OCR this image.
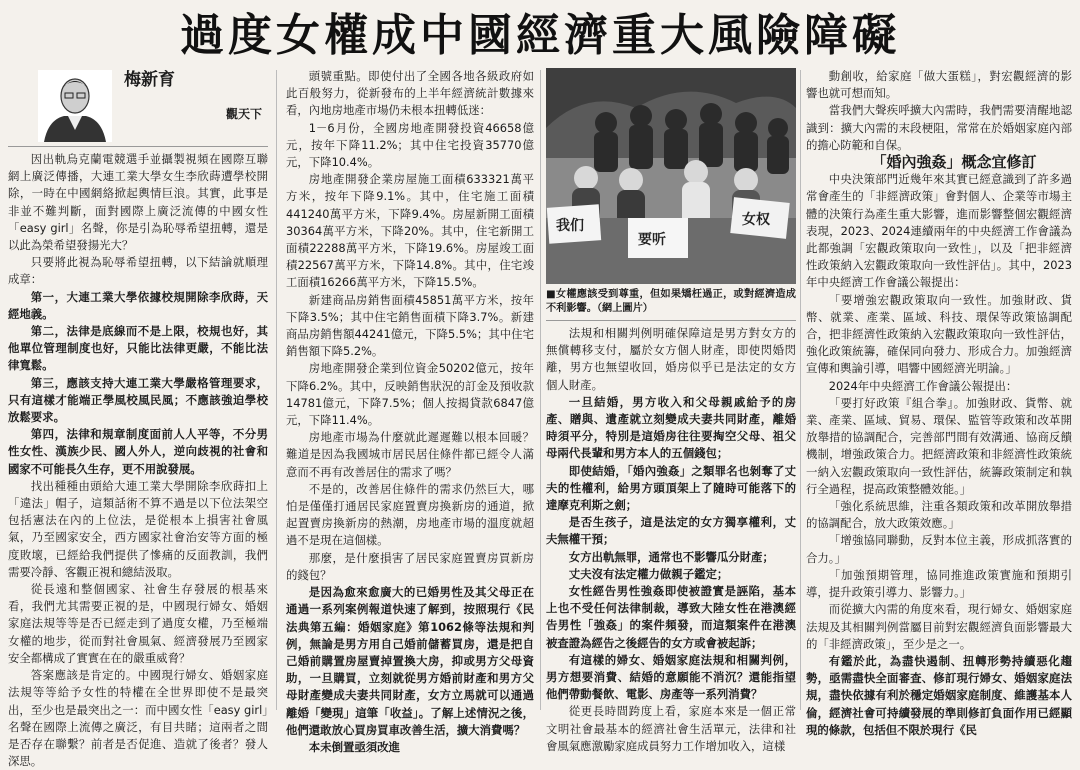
過度女權成中國經濟重大風險障礙
梅新育
觀天下

因出軌烏克蘭電競選手並攝製視頻在國際互聯網上廣泛傳播，大連工業大學女生李欣蒔遭學校開除，一時在中國網絡掀起輿情巨浪。其實，此事是非並不難判斷，面對國際上廣泛流傳的中國女性「easy girl」名聲，你是引為恥辱希望扭轉，還是以此為榮希望發揚光大？

只要將此視為恥辱希望扭轉，以下結論就順理成章：

第一，大連工業大學依據校規開除李欣蒔，天經地義。

第二，法律是底線而不是上限，校規也好，其他單位管理制度也好，只能比法律更嚴，不能比法律寬鬆。

第三，應該支持大連工業大學嚴格管理要求，只有這樣才能端正學風校風民風；不應該強迫學校放鬆要求。

第四，法律和規章制度面前人人平等，不分男性女性、漢族少民、國人外人，逆向歧視的社會和國家不可能長久生存，更不用說發展。

找出種種由頭給大連工業大學開除李欣蒔扣上「違法」帽子，這類話術不算不過是以下位法架空包括憲法在內的上位法，是從根本上損害社會風氣，乃至國家安全，西方國家社會治安等方面的極度敗壞，已經給我們提供了慘痛的反面教訓，我們需要冷靜、客觀正視和總結汲取。

從長遠和整個國家、社會生存發展的根基來看，我們尤其需要正視的是，中國現行婦女、婚姻家庭法規等等是否已經走到了過度女權，乃至極端女權的地步，從而對社會風氣、經濟發展乃至國家安全都構成了實實在在的嚴重威脅？

答案應該是肯定的。中國現行婦女、婚姻家庭法規等等給予女性的特權在全世界即使不是最突出，至少也是最突出之一：而中國女性「easy girl」名聲在國際上流傳之廣泛，有目共睹；這兩者之間是否存在聯繫？前者是否促進、造就了後者？發人深思。

頭號重點。即使付出了全國各地各級政府如此百般努力，從新發布的上半年經濟統計數據來看，內地房地產市場仍未根本扭轉低迷：

1－6月份，全國房地產開發投資46658億元，按年下降11.2%；其中住宅投資35770億元，下降10.4%。

房地產開發企業房屋施工面積633321萬平方米，按年下降9.1%。其中，住宅施工面積441240萬平方米，下降9.4%。房屋新開工面積30364萬平方米，下降20%。其中，住宅新開工面積22288萬平方米，下降19.6%。房屋竣工面積22567萬平方米，下降14.8%。其中，住宅竣工面積16266萬平方米，下降15.5%。

新建商品房銷售面積45851萬平方米，按年下降3.5%；其中住宅銷售面積下降3.7%。新建商品房銷售額44241億元，下降5.5%；其中住宅銷售額下降5.2%。

房地產開發企業到位資金50202億元，按年下降6.2%。其中，反映銷售狀況的訂金及預收款14781億元，下降7.5%；個人按揭貸款6847億元，下降11.4%。

房地產市場為什麼就此遲遲難以根本回暖？難道是因為我國城市居民居住條件都已經令人滿意而不再有改善居住的需求了嗎？

不是的，改善居住條件的需求仍然巨大，哪怕是僅僅打通居民家庭置賣房換新房的通道，掀起置賣房換新房的熱潮，房地產市場的溫度就超過不是現在這個樣。

那麼，是什麼損害了居民家庭置賣房買新房的錢包？

是因為愈來愈廣大的已婚男性及其父母正在通過一系列案例報道快速了解到，按照現行《民法典第五編：婚姻家庭》第1062條等法規和判例，無論是男方用自己婚前儲蓄買房，還是把自己婚前購置房屋賣掉置換大房，抑或男方父母資助，一旦購買，立刻就從男方婚前財產和男方父母財產變成夫妻共同財產，女方立馬就可以通過離婚「變現」這筆「收益」。了解上述情況之後，他們還敢放心買房買車改善生活，擴大消費嗎？

本未倒置亟須改進

我们
要听
女权

■女權應該受到尊重，但如果矯枉過正，或對經濟造成不利影響。（網上圖片）

法規和相關判例明確保障這是男方對女方的無償轉移支付，屬於女方個人財產，即使閃婚閃離，男方也無望收回，婚房似乎已是法定的女方個人財產。

一旦結婚，男方收入和父母親戚給予的房產、贈與、遺產就立刻變成夫妻共同財產，離婚時須平分，特別是這婚房往往要掏空父母、祖父母兩代長輩和男方本人的五個錢包；

即使結婚，「婚內強姦」之類罪名也剝奪了丈夫的性權利，給男方頭頂架上了隨時可能落下的達摩克利斯之劍；

是否生孩子，這是法定的女方獨享權利，丈夫無權干預；

女方出軌無罪，通常也不影響瓜分財產；

丈夫沒有法定權力做親子鑑定；

女性經告男性強姦即使被證實是誣陷，基本上也不受任何法律制裁，導致大陸女性在港澳經告男性「強姦」的案件頻發，而這類案件在港澳被查證為經告之後經告的女方或會被起訴；

有這樣的婦女、婚姻家庭法規和相關判例，男方想要消費、結婚的意願能不消沉？還能指望他們帶動餐飲、電影、房產等一系列消費？

從更長時間跨度上看，家庭本來是一個正常文明社會最基本的經濟社會生活單元，法律和社會風氣應激勵家庭成員努力工作增加收入，這樣

動創收，給家庭「做大蛋糕」，對宏觀經濟的影響也就可想而知。

當我們大聲疾呼擴大內需時，我們需要清醒地認識到：擴大內需的末段梗阻，常常在於婚姻家庭內部的擔心防範和自保。

「婚內強姦」概念宜修訂

中央決策部門近幾年來其實已經意識到了許多過常會產生的「非經濟政策」會對個人、企業等市場主體的決策行為產生重大影響，進而影響整個宏觀經濟表現，2023、2024連續兩年的中央經濟工作會議為此都強調「宏觀政策取向一致性」，以及「把非經濟性政策納入宏觀政策取向一致性評估」。其中，2023年中央經濟工作會議公報提出：

「要增強宏觀政策取向一致性。加強財政、貨幣、就業、產業、區域、科技、環保等政策協調配合，把非經濟性政策納入宏觀政策取向一致性評估，強化政策統籌，確保同向發力、形成合力。加強經濟宣傳和輿論引導，唱響中國經濟光明論。」

2024年中央經濟工作會議公報提出：

「要打好政策『組合拳』。加強財政、貨幣、就業、產業、區域、貿易、環保、監管等政策和改革開放舉措的協調配合，完善部門間有效溝通、協商反饋機制，增強政策合力。把經濟政策和非經濟性政策統一納入宏觀政策取向一致性評估，統籌政策制定和執行全過程，提高政策整體效能。」

「強化系統思維，注重各類政策和改革開放舉措的協調配合，放大政策效應。」

「增強協同聯動，反對本位主義，形成抓落實的合力。」

「加強預期管理，協同推進政策實施和預期引導，提升政策引導力、影響力。」

而從擴大內需的角度來看，現行婦女、婚姻家庭法規及其相關判例當屬目前對宏觀經濟負面影響最大的「非經濟政策」，至少是之一。

有鑑於此，為盡快遏制、扭轉形勢持續惡化趨勢，亟需盡快全面審查、修訂現行婦女、婚姻家庭法規，盡快依據有利於穩定婚姻家庭制度、維護基本人倫，經濟社會可持續發展的準則修訂負面作用已經顯現的條款，包括但不限於現行《民
